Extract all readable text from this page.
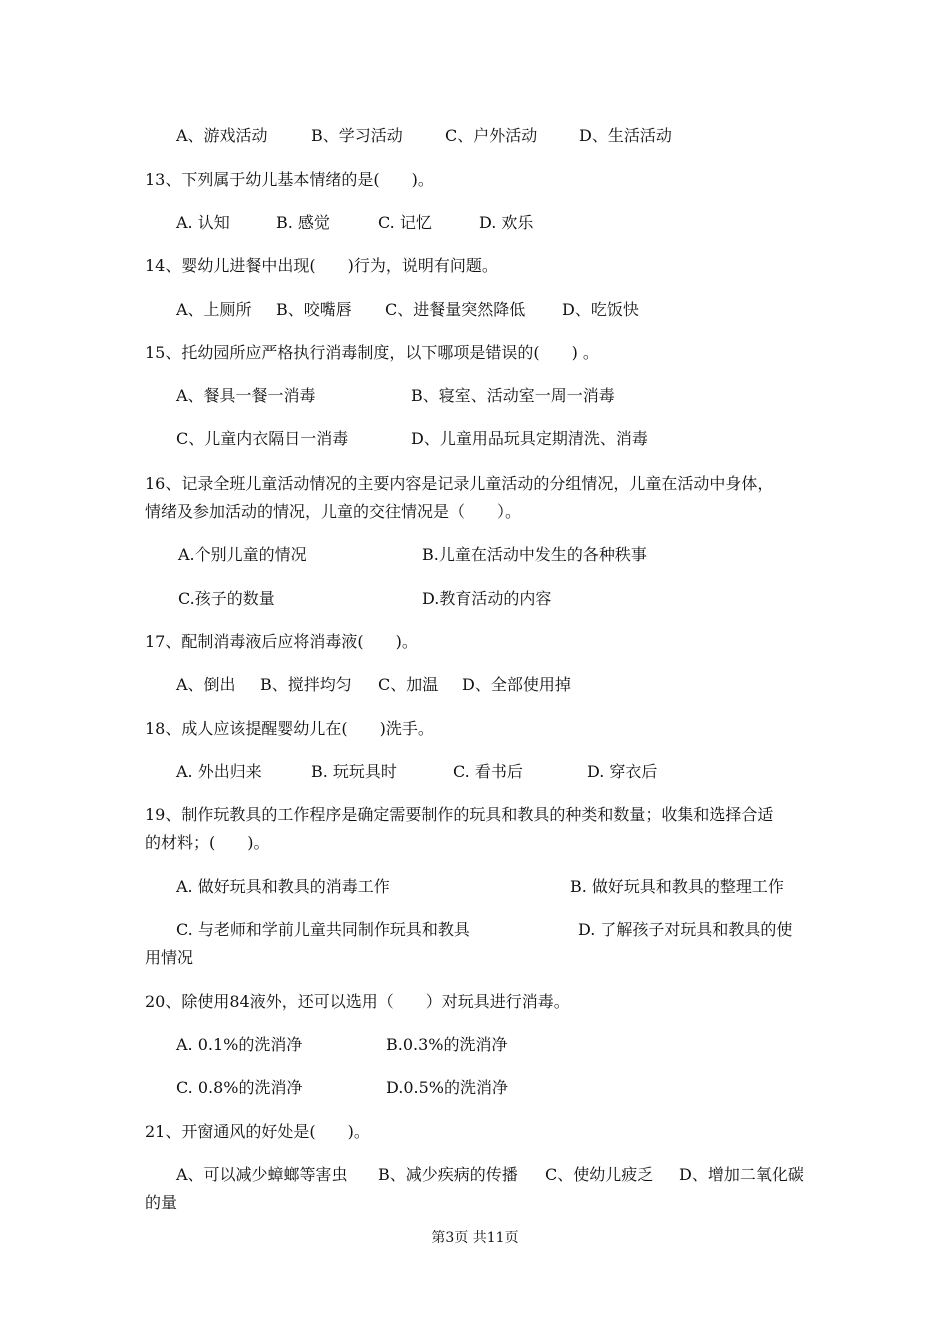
A、游戏活动	B、学习活动	C、户外活动	D、生活活动
13、下列属于幼儿基本情绪的是(　　)。
A. 认知	B. 感觉	C. 记忆	D. 欢乐
14、婴幼儿进餐中出现(　　)行为，说明有问题。
A、上厕所 B、咬嘴唇 C、进餐量突然降低 D、吃饭快
15、托幼园所应严格执行消毒制度，以下哪项是错误的(　　) 。
A、餐具一餐一消毒	B、寝室、活动室一周一消毒
C、儿童内衣隔日一消毒	D、儿童用品玩具定期清洗、消毒
16、记录全班儿童活动情况的主要内容是记录儿童活动的分组情况，儿童在活动中身体，
情绪及参加活动的情况，儿童的交往情况是（　　）。
A.个别儿童的情况	B.儿童在活动中发生的各种秩事
C.孩子的数量	D.教育活动的内容
17、配制消毒液后应将消毒液(　　)。
A、倒出 B、搅拌均匀 C、加温 D、全部使用掉
18、成人应该提醒婴幼儿在(　　)洗手。
A. 外出归来	B. 玩玩具时	C. 看书后	D. 穿衣后
19、制作玩教具的工作程序是确定需要制作的玩具和教具的种类和数量；收集和选择合适
的材料；(　　)。
A. 做好玩具和教具的消毒工作	B. 做好玩具和教具的整理工作
C. 与老师和学前儿童共同制作玩具和教具	D. 了解孩子对玩具和教具的使
用情况
20、除使用84液外，还可以选用（　　）对玩具进行消毒。
A. 0.1%的洗消净	B.0.3%的洗消净
C. 0.8%的洗消净	D.0.5%的洗消净
21、开窗通风的好处是(　　)。
A、可以减少蟑螂等害虫 B、减少疾病的传播 C、使幼儿疲乏 D、增加二氧化碳
的量
第3页 共11页
